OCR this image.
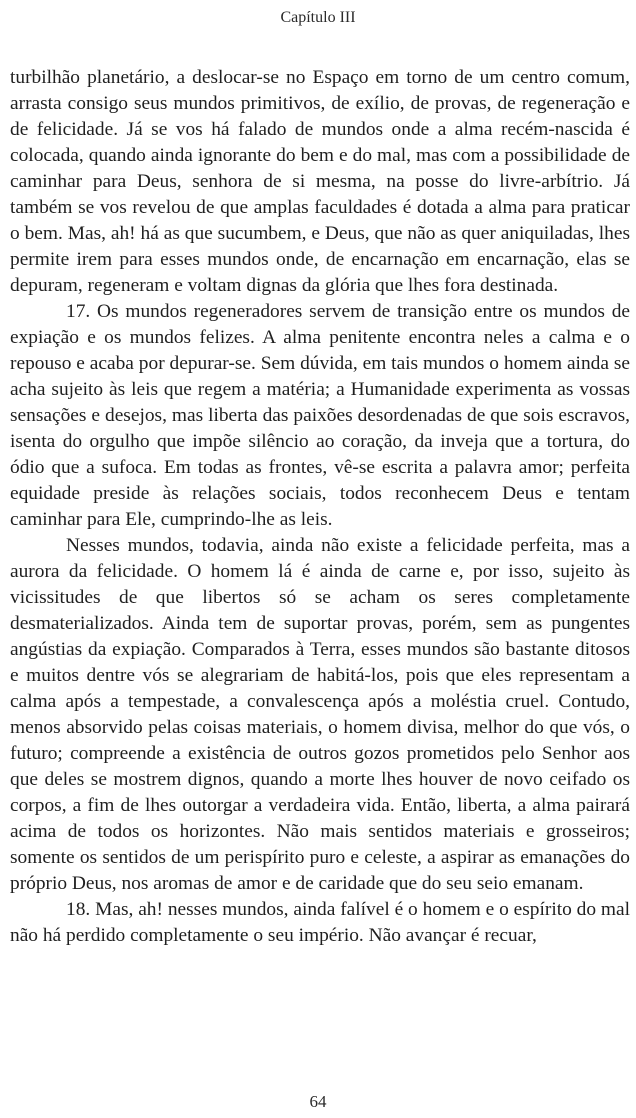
Capítulo III

turbilhão planetário, a deslocar-se no Espaço em torno de um centro comum, arrasta consigo seus mundos primitivos, de exílio, de provas, de regeneração e de felicidade. Já se vos há falado de mundos onde a alma recém-nascida é colocada, quando ainda ignorante do bem e do mal, mas com a possibilidade de caminhar para Deus, senhora de si mesma, na posse do livre-arbítrio. Já também se vos revelou de que amplas faculdades é dotada a alma para praticar o bem. Mas, ah! há as que sucumbem, e Deus, que não as quer aniquiladas, lhes permite irem para esses mundos onde, de encarnação em encarnação, elas se depuram, regeneram e voltam dignas da glória que lhes fora destinada.

17. Os mundos regeneradores servem de transição entre os mundos de expiação e os mundos felizes. A alma penitente encontra neles a calma e o repouso e acaba por depurar-se. Sem dúvida, em tais mundos o homem ainda se acha sujeito às leis que regem a matéria; a Humanidade experimenta as vossas sensações e desejos, mas liberta das paixões desordenadas de que sois escravos, isenta do orgulho que impõe silêncio ao coração, da inveja que a tortura, do ódio que a sufoca. Em todas as frontes, vê-se escrita a palavra amor; perfeita equidade preside às relações sociais, todos reconhecem Deus e tentam caminhar para Ele, cumprindo-lhe as leis.

Nesses mundos, todavia, ainda não existe a felicidade perfeita, mas a aurora da felicidade. O homem lá é ainda de carne e, por isso, sujeito às vicissitudes de que libertos só se acham os seres completamente desmaterializados. Ainda tem de suportar provas, porém, sem as pungentes angústias da expiação. Comparados à Terra, esses mundos são bastante ditosos e muitos dentre vós se alegrariam de habitá-los, pois que eles representam a calma após a tempestade, a convalescença após a moléstia cruel. Contudo, menos absorvido pelas coisas materiais, o homem divisa, melhor do que vós, o futuro; compreende a existência de outros gozos prometidos pelo Senhor aos que deles se mostrem dignos, quando a morte lhes houver de novo ceifado os corpos, a fim de lhes outorgar a verdadeira vida. Então, liberta, a alma pairará acima de todos os horizontes. Não mais sentidos materiais e grosseiros; somente os sentidos de um perispírito puro e celeste, a aspirar as emanações do próprio Deus, nos aromas de amor e de caridade que do seu seio emanam.

18. Mas, ah! nesses mundos, ainda falível é o homem e o espírito do mal não há perdido completamente o seu império. Não avançar é recuar,

64
